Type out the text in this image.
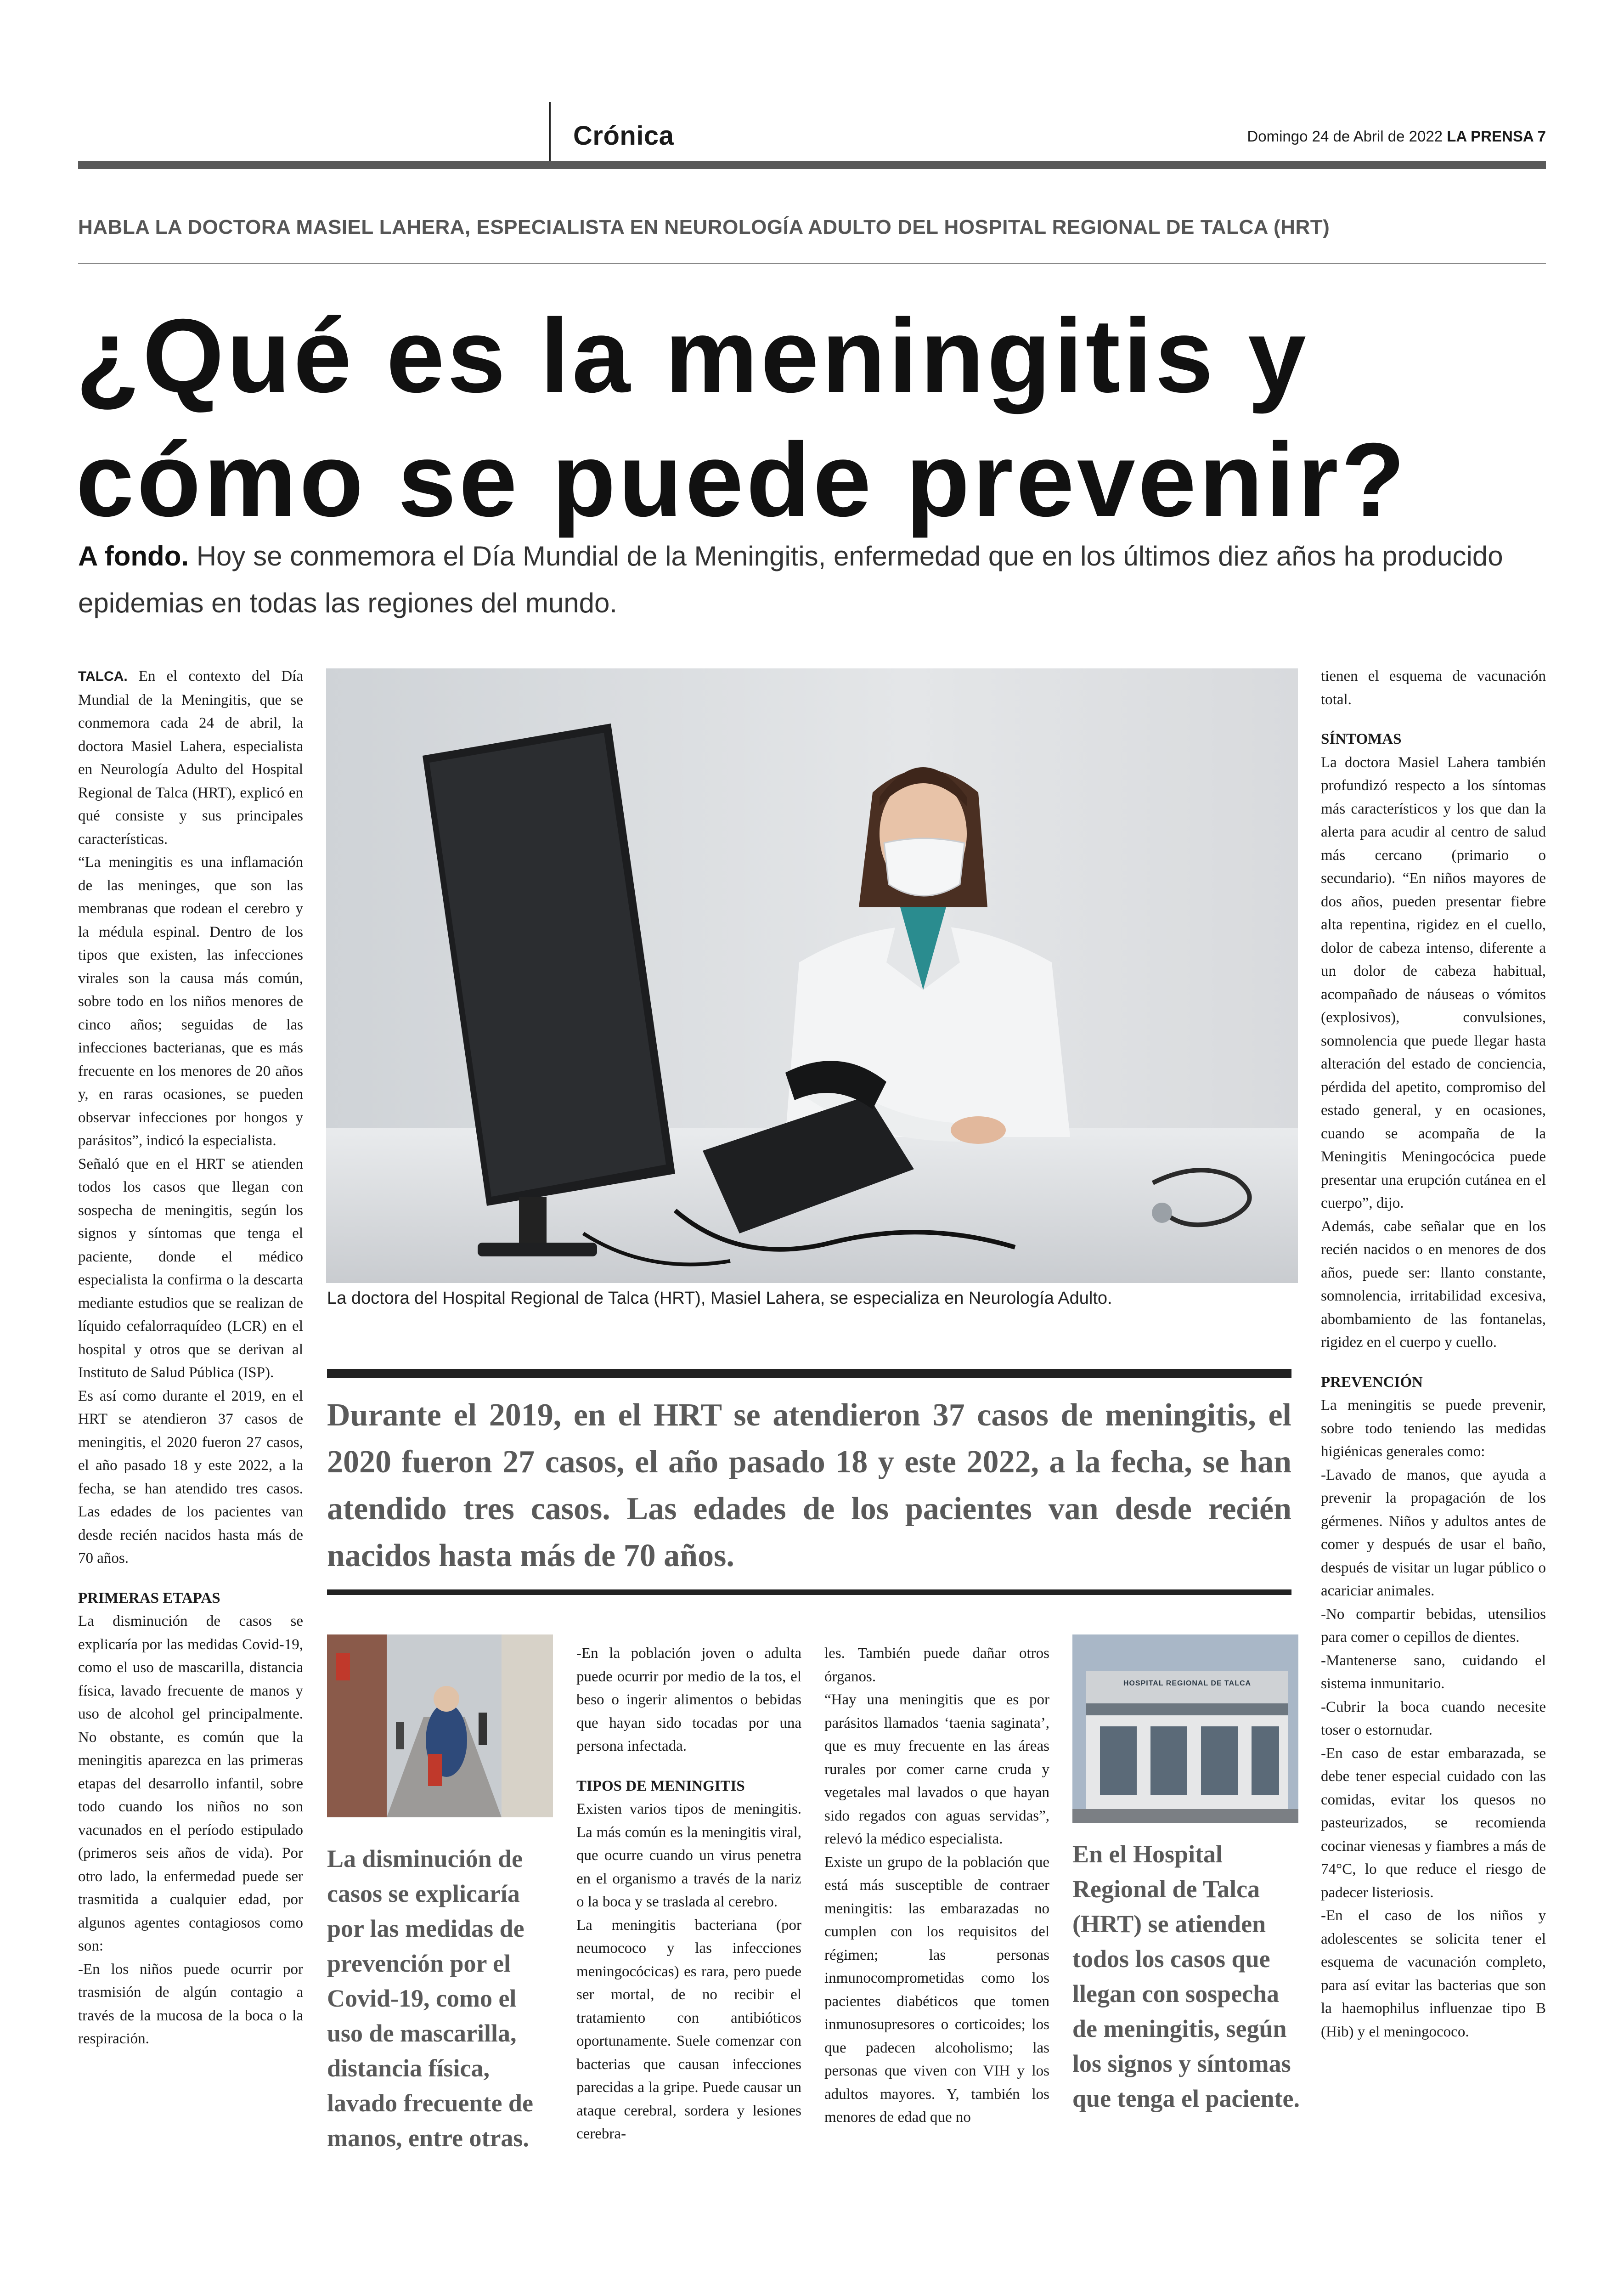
Crónica	Domingo 24 de Abril de 2022 LA PRENSA 7
HABLA LA DOCTORA MASIEL LAHERA, ESPECIALISTA EN NEUROLOGÍA ADULTO DEL HOSPITAL REGIONAL DE TALCA (HRT)
¿Qué es la meningitis y
cómo se puede prevenir?
A fondo. Hoy se conmemora el Día Mundial de la Meningitis, enfermedad que en los últimos diez años ha producido epidemias en todas las regiones del mundo.

TALCA. En el contexto del Día Mundial de la Meningitis, que se conmemora cada 24 de abril, la doctora Masiel Lahera, especialista en Neurología Adulto del Hospital Regional de Talca (HRT), explicó en qué consiste y sus principales características.

“La meningitis es una inflamación de las meninges, que son las membranas que rodean el cerebro y la médula espinal. Dentro de los tipos que existen, las infecciones virales son la causa más común, sobre todo en los niños menores de cinco años; seguidas de las infecciones bacterianas, que es más frecuente en los menores de 20 años y, en raras ocasiones, se pueden observar infecciones por hongos y parásitos”, indicó la especialista.

Señaló que en el HRT se atienden todos los casos que llegan con sospecha de meningitis, según los signos y síntomas que tenga el paciente, donde el médico especialista la confirma o la descarta mediante estudios que se realizan de líquido cefalorraquídeo (LCR) en el hospital y otros que se derivan al Instituto de Salud Pública (ISP).

Es así como durante el 2019, en el HRT se atendieron 37 casos de meningitis, el 2020 fueron 27 casos, el año pasado 18 y este 2022, a la fecha, se han atendido tres casos. Las edades de los pacientes van desde recién nacidos hasta más de 70 años.

PRIMERAS ETAPAS

La disminución de casos se explicaría por las medidas Covid-19, como el uso de mascarilla, distancia física, lavado frecuente de manos y uso de alcohol gel principalmente. No obstante, es común que la meningitis aparezca en las primeras etapas del desarrollo infantil, sobre todo cuando los niños no son vacunados en el período estipulado (primeros seis años de vida). Por otro lado, la enfermedad puede ser trasmitida a cualquier edad, por algunos agentes contagiosos como son:

-En los niños puede ocurrir por trasmisión de algún contagio a través de la mucosa de la boca o la respiración.

La doctora del Hospital Regional de Talca (HRT), Masiel Lahera, se especializa en Neurología Adulto.
Durante el 2019, en el HRT se atendieron 37 casos de meningitis, el 2020 fueron 27 casos, el año pasado 18 y este 2022, a la fecha, se han atendido tres casos. Las edades de los pacientes van desde recién nacidos hasta más de 70 años.
La disminución de casos se explicaría por las medidas de prevención por el Covid-19, como el uso de mascarilla, distancia física, lavado frecuente de manos, entre otras.

-En la población joven o adulta puede ocurrir por medio de la tos, el beso o ingerir alimentos o bebidas que hayan sido tocadas por una persona infectada.

TIPOS DE MENINGITIS

Existen varios tipos de meningitis. La más común es la meningitis viral, que ocurre cuando un virus penetra en el organismo a través de la nariz o la boca y se traslada al cerebro.

La meningitis bacteriana (por neumococo y las infecciones meningocócicas) es rara, pero puede ser mortal, de no recibir el tratamiento con antibióticos oportunamente. Suele comenzar con bacterias que causan infecciones parecidas a la gripe. Puede causar un ataque cerebral, sordera y lesiones cerebra-

les. También puede dañar otros órganos.

“Hay una meningitis que es por parásitos llamados ‘taenia saginata’, que es muy frecuente en las áreas rurales por comer carne cruda y vegetales mal lavados o que hayan sido regados con aguas servidas”, relevó la médico especialista.

Existe un grupo de la población que está más susceptible de contraer meningitis: las embarazadas no cumplen con los requisitos del régimen; las personas inmunocomprometidas como los pacientes diabéticos que tomen inmunosupresores o corticoides; los que padecen alcoholismo; las personas que viven con VIH y los adultos mayores. Y, también los menores de edad que no

HOSPITAL REGIONAL DE TALCA
En el Hospital Regional de Talca (HRT) se atienden todos los casos que llegan con sospecha de meningitis, según los signos y síntomas que tenga el paciente.

tienen el esquema de vacunación total.

SÍNTOMAS

La doctora Masiel Lahera también profundizó respecto a los síntomas más característicos y los que dan la alerta para acudir al centro de salud más cercano (primario o secundario). “En niños mayores de dos años, pueden presentar fiebre alta repentina, rigidez en el cuello, dolor de cabeza intenso, diferente a un dolor de cabeza habitual, acompañado de náuseas o vómitos (explosivos), convulsiones, somnolencia que puede llegar hasta alteración del estado de conciencia, pérdida del apetito, compromiso del estado general, y en ocasiones, cuando se acompaña de la Meningitis Meningocócica puede presentar una erupción cutánea en el cuerpo”, dijo.

Además, cabe señalar que en los recién nacidos o en menores de dos años, puede ser: llanto constante, somnolencia, irritabilidad excesiva, abombamiento de las fontanelas, rigidez en el cuerpo y cuello.

PREVENCIÓN

La meningitis se puede prevenir, sobre todo teniendo las medidas higiénicas generales como:

-Lavado de manos, que ayuda a prevenir la propagación de los gérmenes. Niños y adultos antes de comer y después de usar el baño, después de visitar un lugar público o acariciar animales.

-No compartir bebidas, utensilios para comer o cepillos de dientes.

-Mantenerse sano, cuidando el sistema inmunitario.

-Cubrir la boca cuando necesite toser o estornudar.

-En caso de estar embarazada, se debe tener especial cuidado con las comidas, evitar los quesos no pasteurizados, se recomienda cocinar vienesas y fiambres a más de 74°C, lo que reduce el riesgo de padecer listeriosis.

-En el caso de los niños y adolescentes se solicita tener el esquema de vacunación completo, para así evitar las bacterias que son la haemophilus influenzae tipo B (Hib) y el meningococo.
